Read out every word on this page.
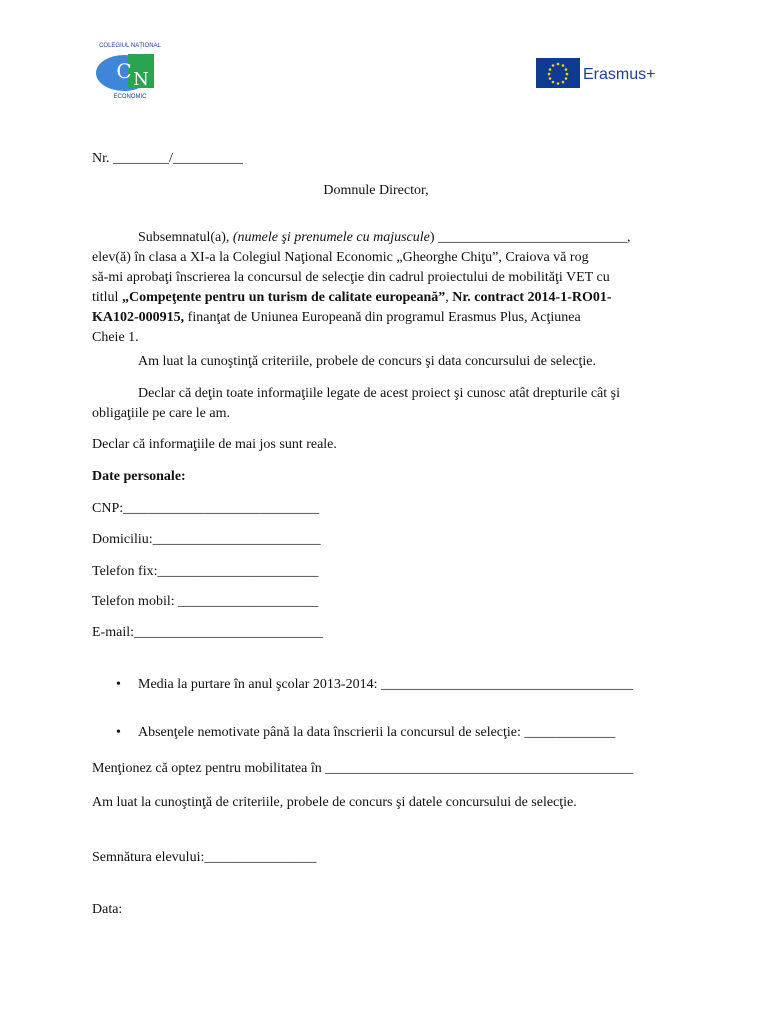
COLEGIUL NAȚIONAL
C N
ECONOMIC
Erasmus+
Nr. ________/__________
Domnule Director,
Subsemnatul(a), (numele şi prenumele cu majuscule) ___________________________,
elev(ă) în clasa a XI-a la Colegiul Naţional Economic „Gheorghe Chiţu”, Craiova vă rog
să-mi aprobaţi înscrierea la concursul de selecţie din cadrul proiectului de mobilităţi VET cu
titlul „Compeţente pentru un turism de calitate europeană”, Nr. contract 2014-1-RO01-
KA102-000915, finanţat de Uniunea Europeană din programul Erasmus Plus, Acţiunea
Cheie 1.
Am luat la cunoştinţă criteriile, probele de concurs şi data concursului de selecţie.
Declar că deţin toate informaţiile legate de acest proiect şi cunosc atât drepturile cât şi
obligaţiile pe care le am.
Declar că informaţiile de mai jos sunt reale.
Date personale:
CNP:____________________________
Domiciliu:________________________
Telefon fix:_______________________
Telefon mobil: ____________________
E-mail:___________________________
• Media la purtare în anul şcolar 2013-2014: ____________________________________
• Absenţele nemotivate până la data înscrierii la concursul de selecţie: _____________
Menţionez că optez pentru mobilitatea în ____________________________________________
Am luat la cunoştinţă de criteriile, probele de concurs şi datele concursului de selecţie.
Semnătura elevului:________________
Data:
